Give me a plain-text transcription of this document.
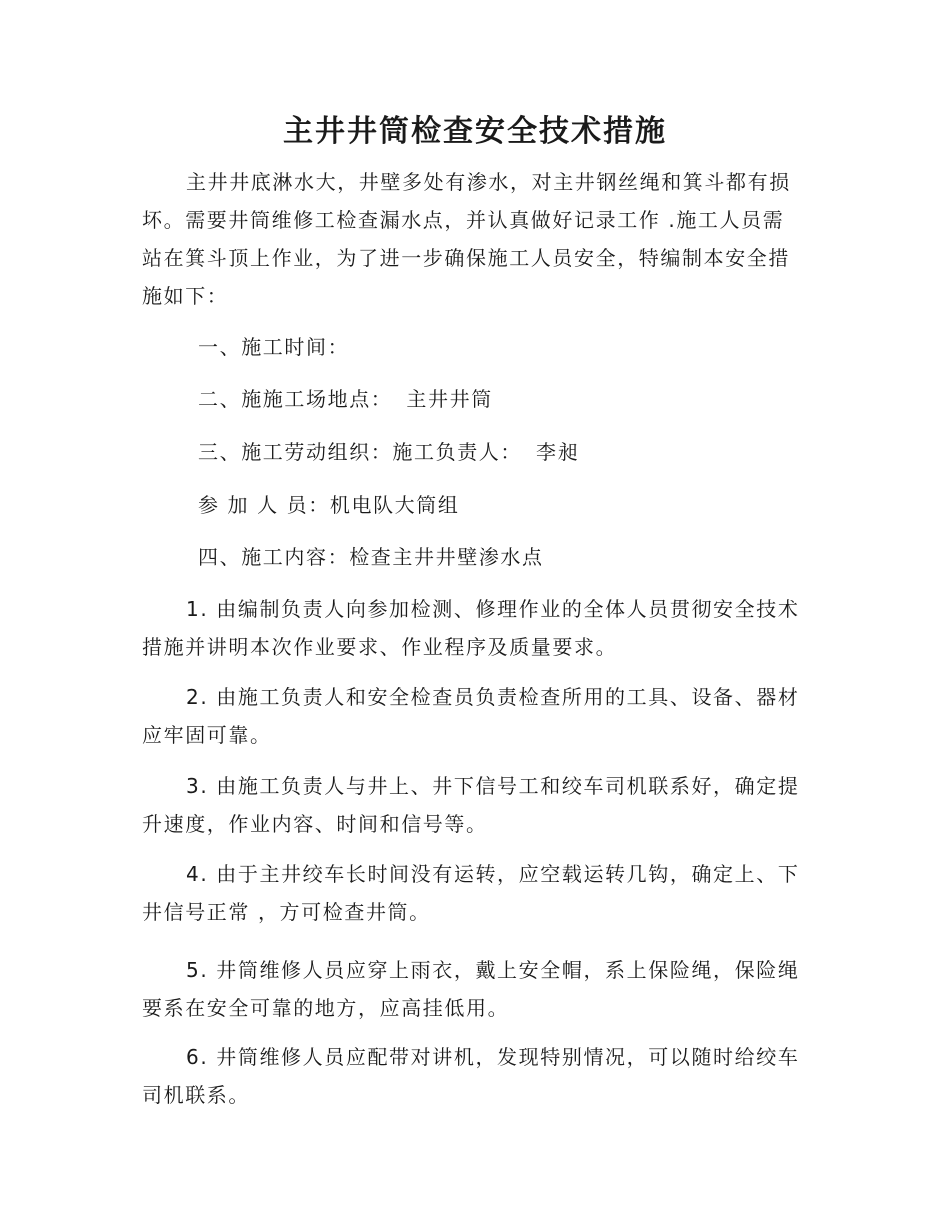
主井井筒检查安全技术措施

主井井底淋水大，井壁多处有渗水，对主井钢丝绳和箕斗都有损坏。需要井筒维修工检查漏水点，并认真做好记录工作 .施工人员需站在箕斗顶上作业，为了进一步确保施工人员安全，特编制本安全措施如下：

一、施工时间：

二、施施工场地点： 主井井筒

三、施工劳动组织：施工负责人： 李昶

参 加 人 员：机电队大筒组

四、施工内容：检查主井井壁渗水点

1. 由编制负责人向参加检测、修理作业的全体人员贯彻安全技术措施并讲明本次作业要求、作业程序及质量要求。

2. 由施工负责人和安全检查员负责检查所用的工具、设备、器材应牢固可靠。

3. 由施工负责人与井上、井下信号工和绞车司机联系好，确定提升速度，作业内容、时间和信号等。

4. 由于主井绞车长时间没有运转，应空载运转几钩，确定上、下井信号正常 ，方可检查井筒。

5. 井筒维修人员应穿上雨衣，戴上安全帽，系上保险绳，保险绳要系在安全可靠的地方，应高挂低用。

6. 井筒维修人员应配带对讲机，发现特别情况，可以随时给绞车司机联系。
